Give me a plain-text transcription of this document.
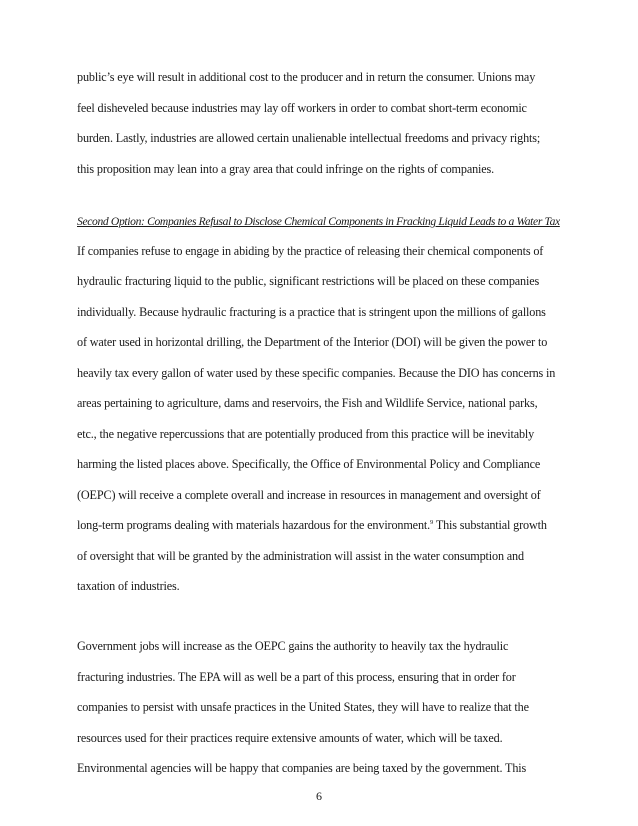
public’s eye will result in additional cost to the producer and in return the consumer. Unions may
feel disheveled because industries may lay off workers in order to combat short-term economic
burden. Lastly, industries are allowed certain unalienable intellectual freedoms and privacy rights;
this proposition may lean into a gray area that could infringe on the rights of companies.
Second Option: Companies Refusal to Disclose Chemical Components in Fracking Liquid Leads to a Water Tax
If companies refuse to engage in abiding by the practice of releasing their chemical components of
hydraulic fracturing liquid to the public, significant restrictions will be placed on these companies
individually. Because hydraulic fracturing is a practice that is stringent upon the millions of gallons
of water used in horizontal drilling, the Department of the Interior (DOI) will be given the power to
heavily tax every gallon of water used by these specific companies. Because the DIO has concerns in
areas pertaining to agriculture, dams and reservoirs, the Fish and Wildlife Service, national parks,
etc., the negative repercussions that are potentially produced from this practice will be inevitably
harming the listed places above. Specifically, the Office of Environmental Policy and Compliance
(OEPC) will receive a complete overall and increase in resources in management and oversight of
long-term programs dealing with materials hazardous for the environment.$^9$ This substantial growth
of oversight that will be granted by the administration will assist in the water consumption and
taxation of industries.
Government jobs will increase as the OEPC gains the authority to heavily tax the hydraulic
fracturing industries. The EPA will as well be a part of this process, ensuring that in order for
companies to persist with unsafe practices in the United States, they will have to realize that the
resources used for their practices require extensive amounts of water, which will be taxed.
Environmental agencies will be happy that companies are being taxed by the government. This
6
